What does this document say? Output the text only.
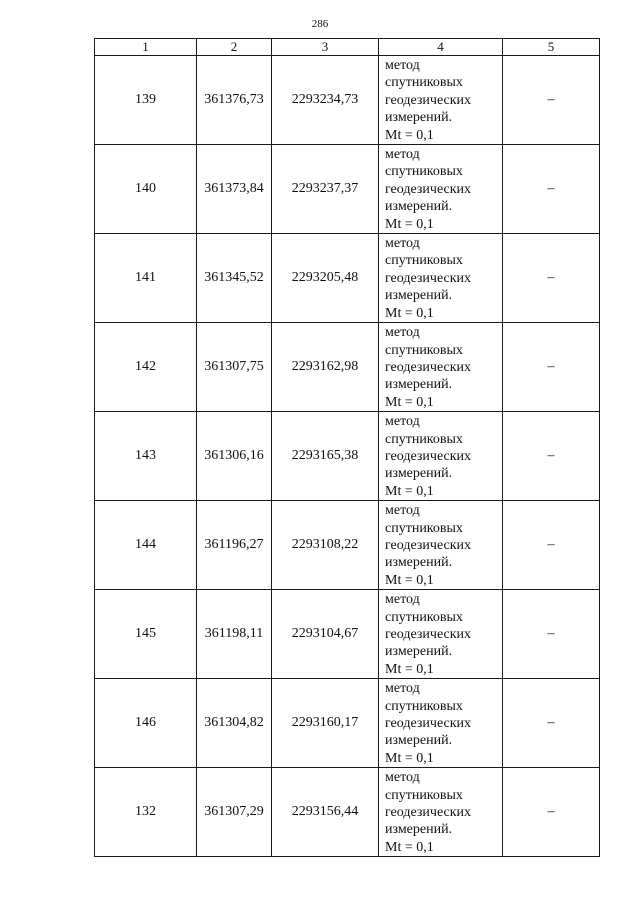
286
1	2	3	4	5
139	361376,73	2293234,73	метод
спутниковых
геодезических
измерений.
Mt = 0,1	–
140	361373,84	2293237,37	метод
спутниковых
геодезических
измерений.
Mt = 0,1	–
141	361345,52	2293205,48	метод
спутниковых
геодезических
измерений.
Mt = 0,1	–
142	361307,75	2293162,98	метод
спутниковых
геодезических
измерений.
Mt = 0,1	–
143	361306,16	2293165,38	метод
спутниковых
геодезических
измерений.
Mt = 0,1	–
144	361196,27	2293108,22	метод
спутниковых
геодезических
измерений.
Mt = 0,1	–
145	361198,11	2293104,67	метод
спутниковых
геодезических
измерений.
Mt = 0,1	–
146	361304,82	2293160,17	метод
спутниковых
геодезических
измерений.
Mt = 0,1	–
132	361307,29	2293156,44	метод
спутниковых
геодезических
измерений.
Mt = 0,1	–
